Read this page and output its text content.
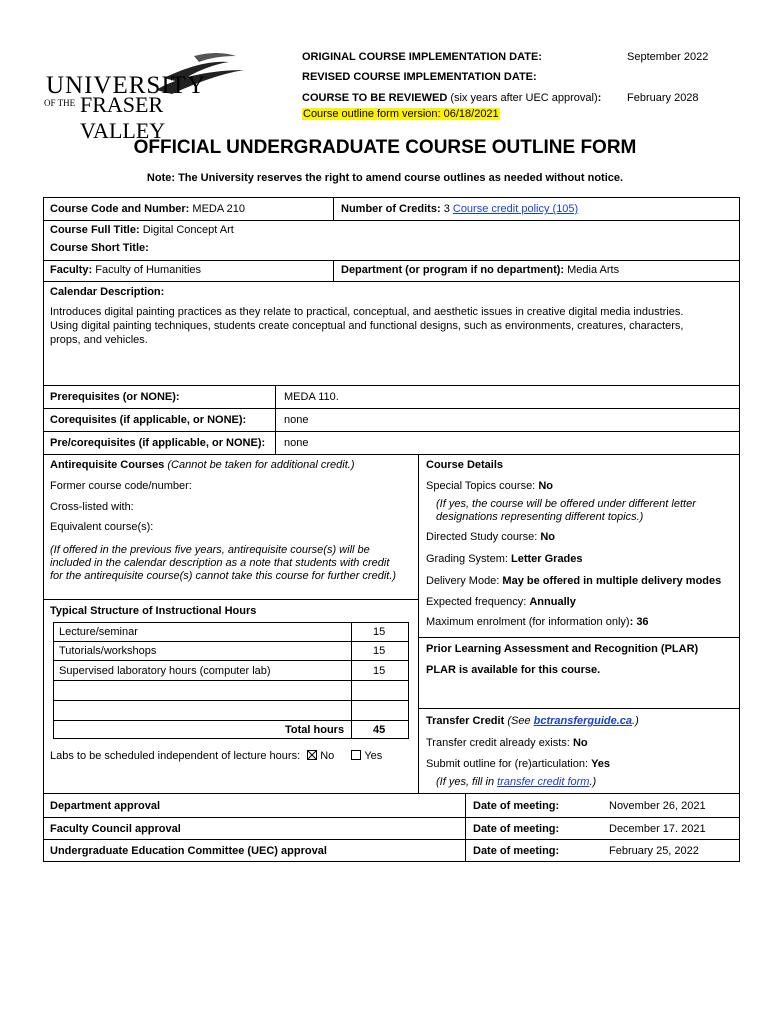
UNIVERSITY
OF THE FRASER VALLEY
ORIGINAL COURSE IMPLEMENTATION DATE:	September 2022
REVISED COURSE IMPLEMENTATION DATE:
COURSE TO BE REVIEWED (six years after UEC approval): February 2028
Course outline form version: 06/18/2021
OFFICIAL UNDERGRADUATE COURSE OUTLINE FORM
Note: The University reserves the right to amend course outlines as needed without notice.
Course Code and Number: MEDA 210	Number of Credits: 3 Course credit policy (105)
Course Full Title: Digital Concept Art
Course Short Title:
Faculty: Faculty of Humanities	Department (or program if no department): Media Arts
Calendar Description:
Introduces digital painting practices as they relate to practical, conceptual, and aesthetic issues in creative digital media industries.
Using digital painting techniques, students create conceptual and functional designs, such as environments, creatures, characters,
props, and vehicles.
Prerequisites (or NONE):	MEDA 110.
Corequisites (if applicable, or NONE):	none
Pre/corequisites (if applicable, or NONE): none
Antirequisite Courses (Cannot be taken for additional credit.)
Former course code/number:
Cross-listed with:
Equivalent course(s):
(If offered in the previous five years, antirequisite course(s) will be
included in the calendar description as a note that students with credit
for the antirequisite course(s) cannot take this course for further credit.)
Typical Structure of Instructional Hours
Lecture/seminar	15
Tutorials/workshops	15
Supervised laboratory hours (computer lab)	15
Total hours	45
Labs to be scheduled independent of lecture hours: No	Yes
Course Details
Special Topics course: No
(If yes, the course will be offered under different letter
designations representing different topics.)
Directed Study course: No
Grading System: Letter Grades
Delivery Mode: May be offered in multiple delivery modes
Expected frequency: Annually
Maximum enrolment (for information only): 36
Prior Learning Assessment and Recognition (PLAR)
PLAR is available for this course.
Transfer Credit (See bctransferguide.ca.)
Transfer credit already exists: No
Submit outline for (re)articulation: Yes
(If yes, fill in transfer credit form.)
Department approval	Date of meeting:	November 26, 2021
Faculty Council approval	Date of meeting:	December 17. 2021
Undergraduate Education Committee (UEC) approval	Date of meeting:	February 25, 2022
